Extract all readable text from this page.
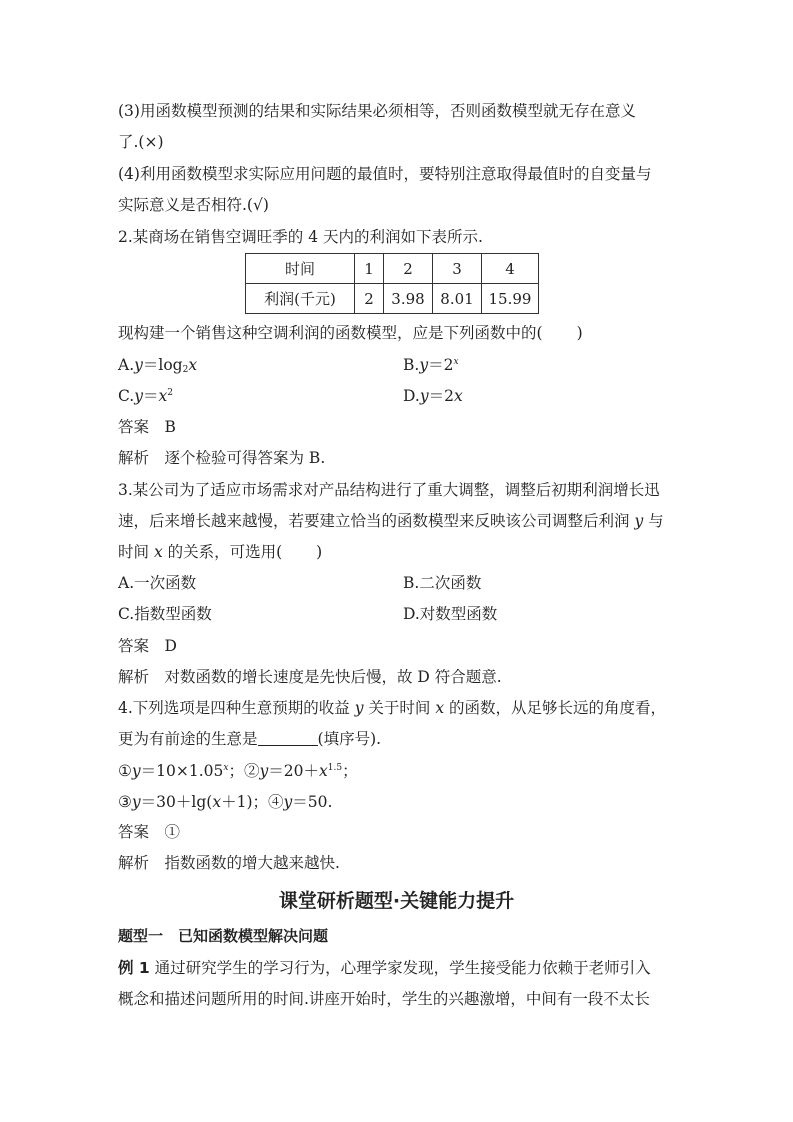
(3)用函数模型预测的结果和实际结果必须相等，否则函数模型就无存在意义
了.(×)
(4)利用函数模型求实际应用问题的最值时，要特别注意取得最值时的自变量与
实际意义是否相符.(√)
2.某商场在销售空调旺季的 4 天内的利润如下表所示.
时间	1	2	3	4
利润(千元)	2	3.98	8.01	15.99
现构建一个销售这种空调利润的函数模型，应是下列函数中的( )
$A.y=\log_2x$	$B.y=2^x$
$C.y=x^2$	D.y＝2x
答案　B
解析　逐个检验可得答案为 B.
3.某公司为了适应市场需求对产品结构进行了重大调整，调整后初期利润增长迅
速，后来增长越来越慢，若要建立恰当的函数模型来反映该公司调整后利润 y 与
时间 x 的关系，可选用( )
A.一次函数	B.二次函数
C.指数型函数	D.对数型函数
答案　D
解析　对数函数的增长速度是先快后慢，故 D 符合题意.
4.下列选项是四种生意预期的收益 y 关于时间 x 的函数，从足够长远的角度看，
更为有前途的生意是	(填序号).
$①y=10\times 1.05^x$；$②y=20+x^{1.5}$；
③y＝30＋lg(x＋1)；④y＝50.
答案　①
解析　指数函数的增大越来越快.
课堂研析题型·关键能力提升
题型一　已知函数模型解决问题
例 1 通过研究学生的学习行为，心理学家发现，学生接受能力依赖于老师引入
概念和描述问题所用的时间.讲座开始时，学生的兴趣激增，中间有一段不太长
